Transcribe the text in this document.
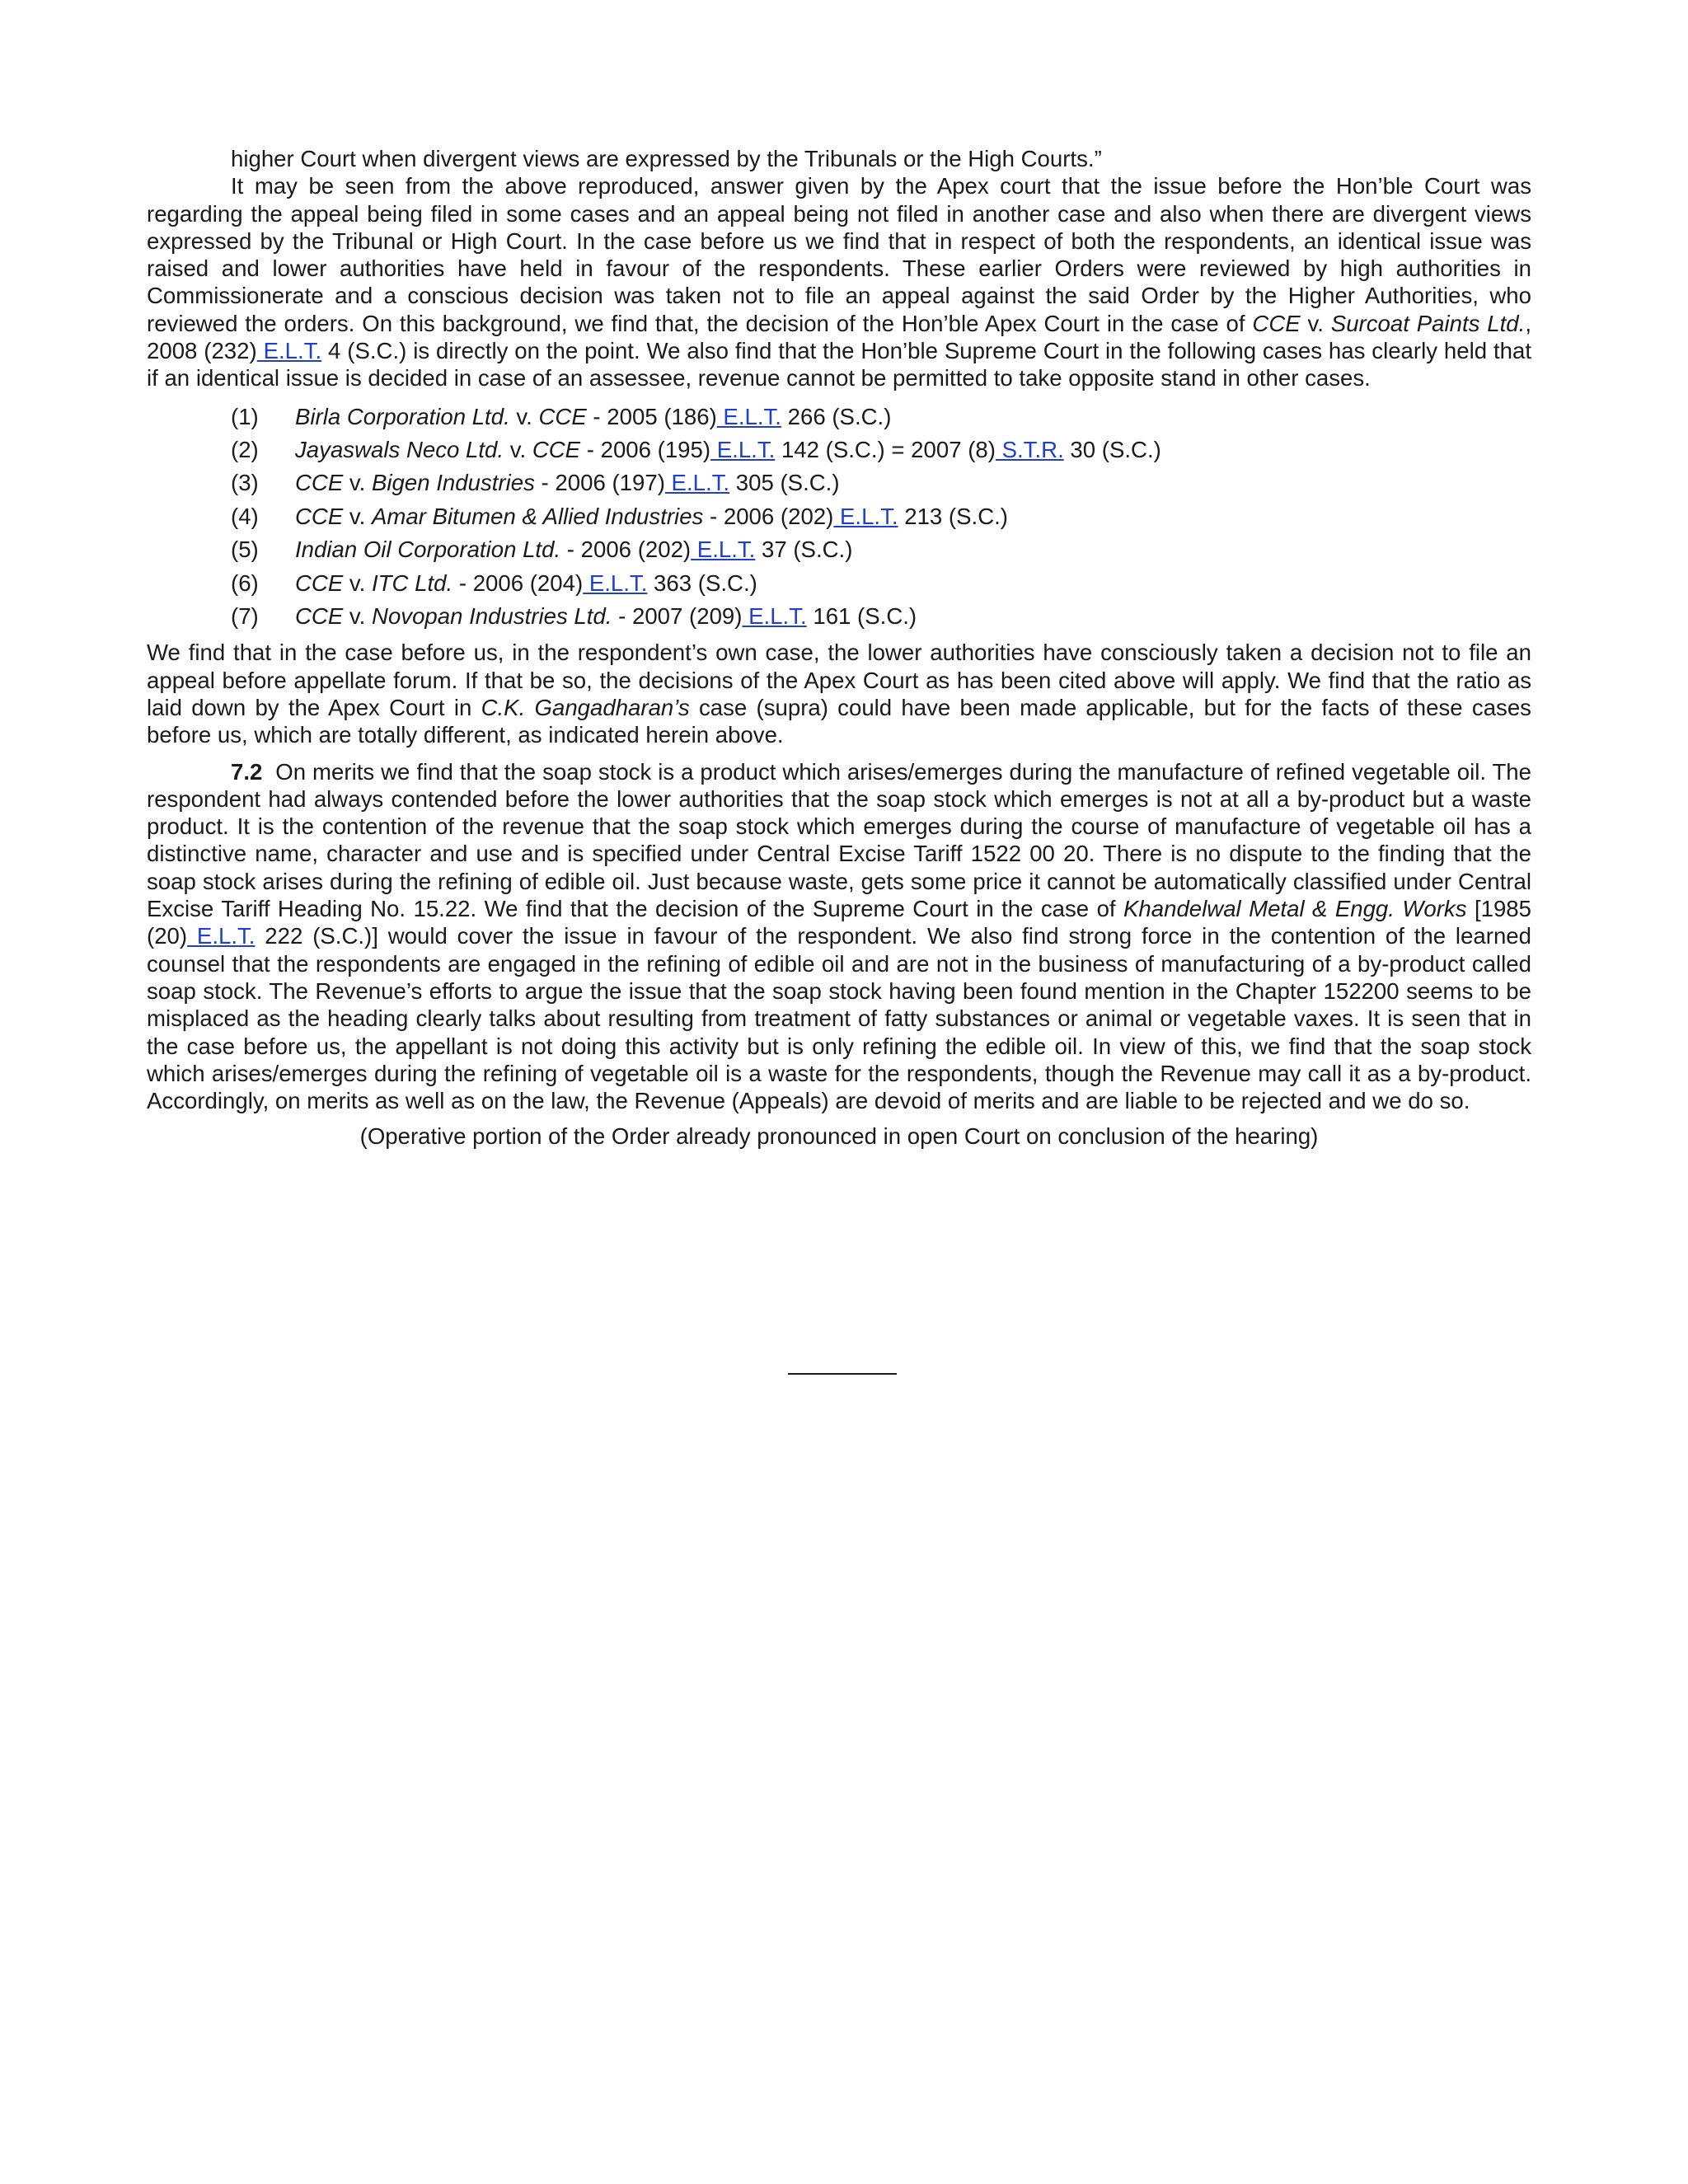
higher Court when divergent views are expressed by the Tribunals or the High Courts.”

It may be seen from the above reproduced, answer given by the Apex court that the issue before the Hon’ble Court was regarding the appeal being filed in some cases and an appeal being not filed in another case and also when there are divergent views expressed by the Tribunal or High Court. In the case before us we find that in respect of both the respondents, an identical issue was raised and lower authorities have held in favour of the respondents. These earlier Orders were reviewed by high authorities in Commissionerate and a conscious decision was taken not to file an appeal against the said Order by the Higher Authorities, who reviewed the orders. On this background, we find that, the decision of the Hon’ble Apex Court in the case of CCE v. Surcoat Paints Ltd., 2008 (232) E.L.T. 4 (S.C.) is directly on the point. We also find that the Hon’ble Supreme Court in the following cases has clearly held that if an identical issue is decided in case of an assessee, revenue cannot be permitted to take opposite stand in other cases.

(1)	Birla Corporation Ltd. v. CCE - 2005 (186) E.L.T. 266 (S.C.)
(2)	Jayaswals Neco Ltd. v. CCE - 2006 (195) E.L.T. 142 (S.C.) = 2007 (8) S.T.R. 30 (S.C.)
(3)	CCE v. Bigen Industries - 2006 (197) E.L.T. 305 (S.C.)
(4)	CCE v. Amar Bitumen & Allied Industries - 2006 (202) E.L.T. 213 (S.C.)
(5)	Indian Oil Corporation Ltd. - 2006 (202) E.L.T. 37 (S.C.)
(6)	CCE v. ITC Ltd. - 2006 (204) E.L.T. 363 (S.C.)
(7)	CCE v. Novopan Industries Ltd. - 2007 (209) E.L.T. 161 (S.C.)

We find that in the case before us, in the respondent’s own case, the lower authorities have consciously taken a decision not to file an appeal before appellate forum. If that be so, the decisions of the Apex Court as has been cited above will apply. We find that the ratio as laid down by the Apex Court in C.K. Gangadharan’s case (supra) could have been made applicable, but for the facts of these cases before us, which are totally different, as indicated herein above.

7.2 On merits we find that the soap stock is a product which arises/emerges during the manufacture of refined vegetable oil. The respondent had always contended before the lower authorities that the soap stock which emerges is not at all a by-product but a waste product. It is the contention of the revenue that the soap stock which emerges during the course of manufacture of vegetable oil has a distinctive name, character and use and is specified under Central Excise Tariff 1522 00 20. There is no dispute to the finding that the soap stock arises during the refining of edible oil. Just because waste, gets some price it cannot be automatically classified under Central Excise Tariff Heading No. 15.22. We find that the decision of the Supreme Court in the case of Khandelwal Metal & Engg. Works [1985 (20) E.L.T. 222 (S.C.)] would cover the issue in favour of the respondent. We also find strong force in the contention of the learned counsel that the respondents are engaged in the refining of edible oil and are not in the business of manufacturing of a by-product called soap stock. The Revenue’s efforts to argue the issue that the soap stock having been found mention in the Chapter 152200 seems to be misplaced as the heading clearly talks about resulting from treatment of fatty substances or animal or vegetable vaxes. It is seen that in the case before us, the appellant is not doing this activity but is only refining the edible oil. In view of this, we find that the soap stock which arises/emerges during the refining of vegetable oil is a waste for the respondents, though the Revenue may call it as a by-product. Accordingly, on merits as well as on the law, the Revenue (Appeals) are devoid of merits and are liable to be rejected and we do so.

(Operative portion of the Order already pronounced in open Court on conclusion of the hearing)
